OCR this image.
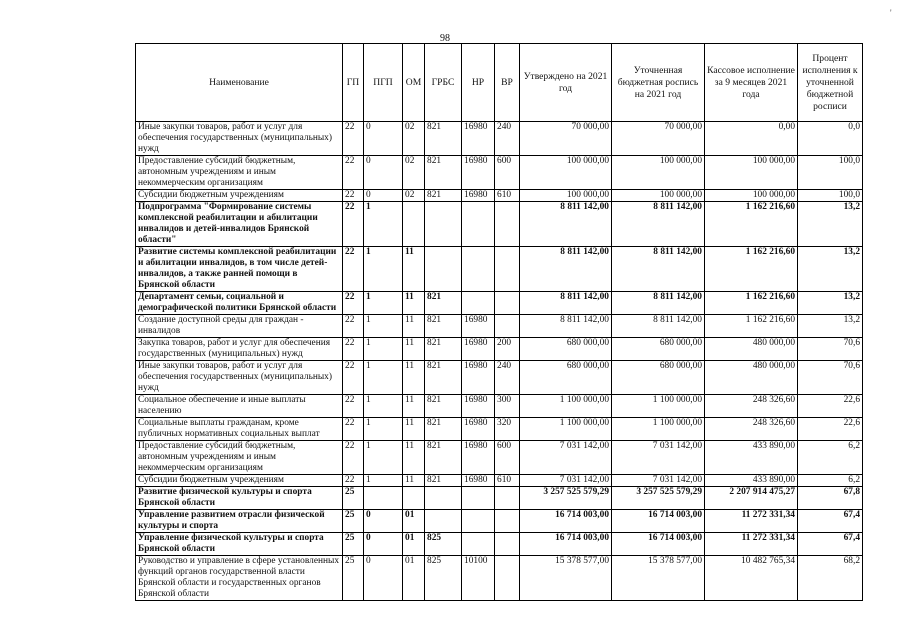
98
'
Наименование	ГП	ПГП	ОМ	ГРБС	НР	ВР	Утверждено на 2021 год	Уточненная бюджетная роспись на 2021 год	Кассовое исполнение за 9 месяцев 2021 года	Процент исполнения к уточненной бюджетной росписи
Иные закупки товаров, работ и услуг для обеспечения государственных (муниципальных) нужд	22	0	02	821	16980	240	70 000,00	70 000,00	0,00	0,0
Предоставление субсидий бюджетным, автономным учреждениям и иным некоммерческим организациям	22	0	02	821	16980	600	100 000,00	100 000,00	100 000,00	100,0
Субсидии бюджетным учреждениям	22	0	02	821	16980	610	100 000,00	100 000,00	100 000,00	100,0
Подпрограмма "Формирование системы комплексной реабилитации и абилитации инвалидов и детей-инвалидов Брянской области"	22	1					8 811 142,00	8 811 142,00	1 162 216,60	13,2
Развитие системы комплексной реабилитации и абилитации инвалидов, в том числе детей-инвалидов, а также ранней помощи в Брянской области	22	1	11				8 811 142,00	8 811 142,00	1 162 216,60	13,2
Департамент семьи, социальной и демографической политики Брянской области	22	1	11	821			8 811 142,00	8 811 142,00	1 162 216,60	13,2
Создание доступной среды для граждан - инвалидов	22	1	11	821	16980		8 811 142,00	8 811 142,00	1 162 216,60	13,2
Закупка товаров, работ и услуг для обеспечения государственных (муниципальных) нужд	22	1	11	821	16980	200	680 000,00	680 000,00	480 000,00	70,6
Иные закупки товаров, работ и услуг для обеспечения государственных (муниципальных) нужд	22	1	11	821	16980	240	680 000,00	680 000,00	480 000,00	70,6
Социальное обеспечение и иные выплаты населению	22	1	11	821	16980	300	1 100 000,00	1 100 000,00	248 326,60	22,6
Социальные выплаты гражданам, кроме публичных нормативных социальных выплат	22	1	11	821	16980	320	1 100 000,00	1 100 000,00	248 326,60	22,6
Предоставление субсидий бюджетным, автономным учреждениям и иным некоммерческим организациям	22	1	11	821	16980	600	7 031 142,00	7 031 142,00	433 890,00	6,2
Субсидии бюджетным учреждениям	22	1	11	821	16980	610	7 031 142,00	7 031 142,00	433 890,00	6,2
Развитие физической культуры и спорта Брянской области	25						3 257 525 579,29	3 257 525 579,29	2 207 914 475,27	67,8
Управление развитием отрасли физической культуры и спорта	25	0	01				16 714 003,00	16 714 003,00	11 272 331,34	67,4
Управление физической культуры и спорта Брянской области	25	0	01	825			16 714 003,00	16 714 003,00	11 272 331,34	67,4
Руководство и управление в сфере установленных функций органов государственной власти Брянской области и государственных органов Брянской области	25	0	01	825	10100		15 378 577,00	15 378 577,00	10 482 765,34	68,2
